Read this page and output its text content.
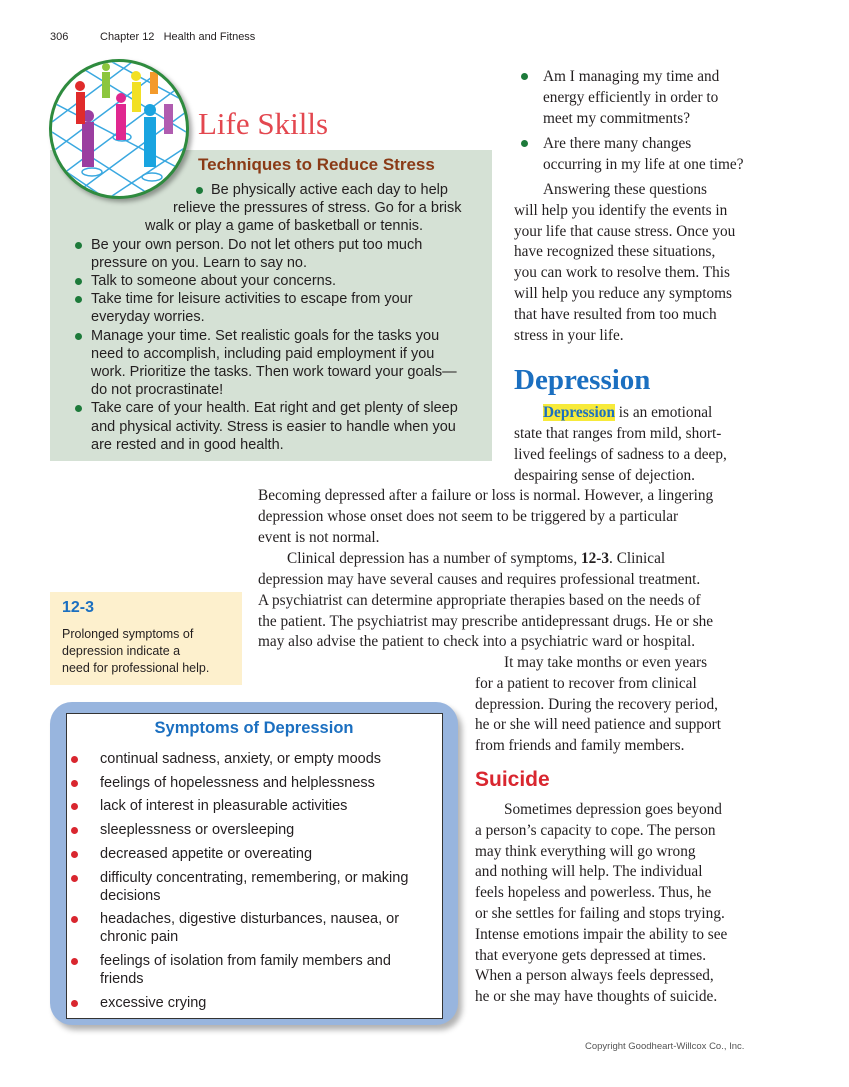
306	Chapter 12   Health and Fitness
Life Skills
Techniques to Reduce Stress
Be physically active each day to help
relieve the pressures of stress. Go for a brisk
walk or play a game of basketball or tennis.
Be your own person. Do not let others put too much
pressure on you. Learn to say no.
Talk to someone about your concerns.
Take time for leisure activities to escape from your
everyday worries.
Manage your time. Set realistic goals for the tasks you
need to accomplish, including paid employment if you
work. Prioritize the tasks. Then work toward your goals—
do not procrastinate!
Take care of your health. Eat right and get plenty of sleep
and physical activity. Stress is easier to handle when you
are rested and in good health.
Am I managing my time and
energy efficiently in order to
meet my commitments?
Are there many changes
occurring in my life at one time?
Answering these questions
will help you identify the events in
your life that cause stress. Once you
have recognized these situations,
you can work to resolve them. This
will help you reduce any symptoms
that have resulted from too much
stress in your life.
Depression
Depression is an emotional
state that ranges from mild, short-
lived feelings of sadness to a deep,
despairing sense of dejection.
Becoming depressed after a failure or loss is normal. However, a lingering
depression whose onset does not seem to be triggered by a particular
event is not normal.
Clinical depression has a number of symptoms, 12-3. Clinical
depression may have several causes and requires professional treatment.
A psychiatrist can determine appropriate therapies based on the needs of
the patient. The psychiatrist may prescribe antidepressant drugs. He or she
may also advise the patient to check into a psychiatric ward or hospital.
It may take months or even years
for a patient to recover from clinical
depression. During the recovery period,
he or she will need patience and support
from friends and family members.
12-3
Prolonged symptoms of
depression indicate a
need for professional help.
Symptoms of Depression
continual sadness, anxiety, or empty moods
feelings of hopelessness and helplessness
lack of interest in pleasurable activities
sleeplessness or oversleeping
decreased appetite or overeating
difficulty concentrating, remembering, or making
decisions
headaches, digestive disturbances, nausea, or
chronic pain
feelings of isolation from family members and
friends
excessive crying
Suicide
Sometimes depression goes beyond
a person’s capacity to cope. The person
may think everything will go wrong
and nothing will help. The individual
feels hopeless and powerless. Thus, he
or she settles for failing and stops trying.
Intense emotions impair the ability to see
that everyone gets depressed at times.
When a person always feels depressed,
he or she may have thoughts of suicide.
Copyright Goodheart-Willcox Co., Inc.
